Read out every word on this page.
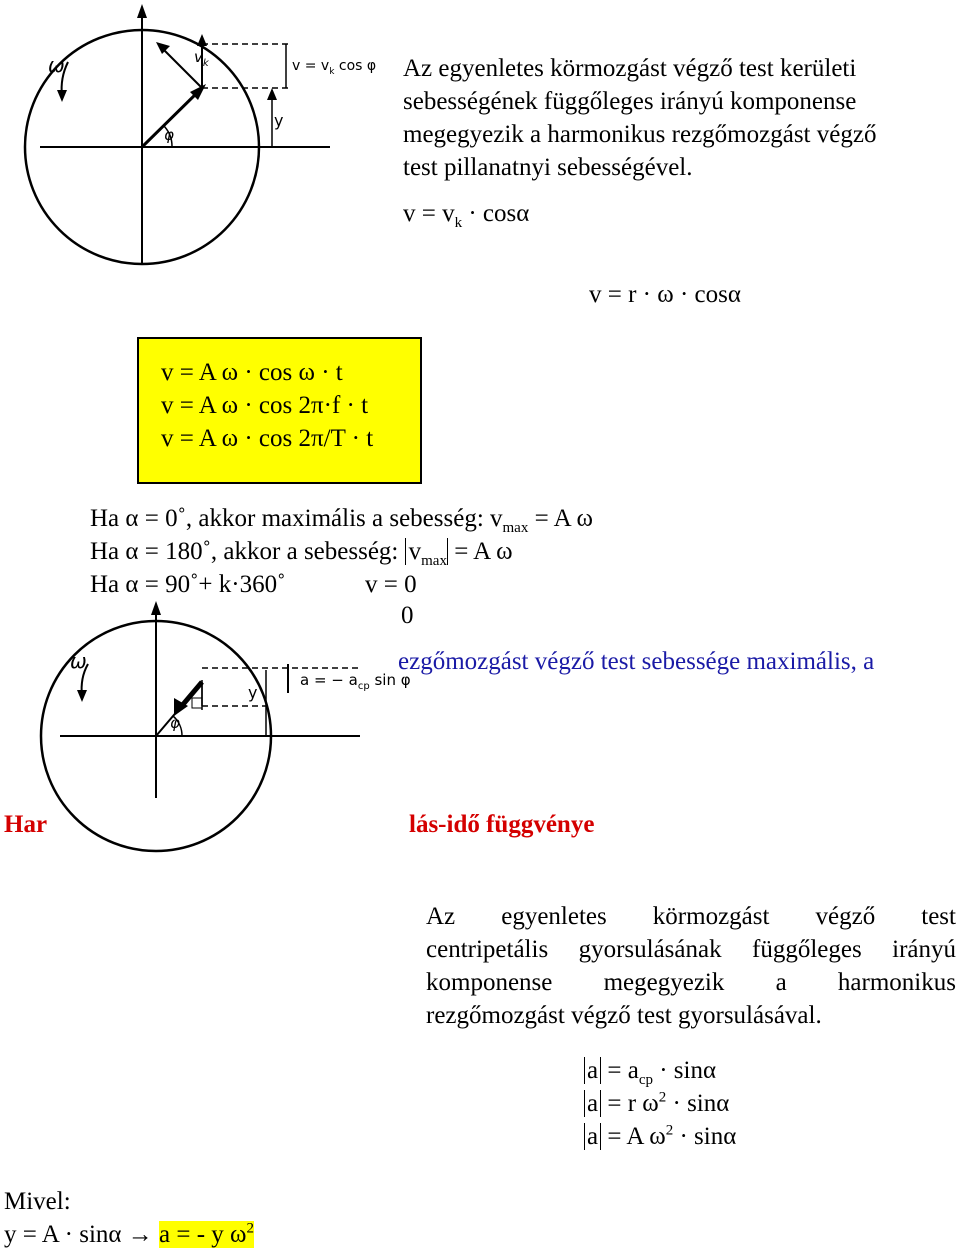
ω	$v_k$	$v = v_k$ cos φ
y
φ
Az egyenletes körmozgást végző test kerületi
sebességének függőleges irányú komponense
megegyezik a harmonikus rezgőmozgást végző
test pillanatnyi sebességével.
$v = v_k \cdot \cos\alpha$
v = r · ω · cosα
v = A ω · cos ω · t
v = A ω · cos 2π·f · t
v = A ω · cos 2π/T · t
Ha α = 0˚, akkor maximális a sebesség: $v_{max} = A$ ω
Ha α = 180˚, akkor a sebesség: $v_{max} = A$ ω
Ha α = 90˚+ k·360˚	v = 0
0
ω
y
φ
a = − $a_{cp}$ sin φ
ezgőmozgást végző test sebessége maximális, a
Har	lás-idő függvénye
Az egyenletes körmozgást végző test
centripetális gyorsulásának függőleges irányú
komponense megegyezik a harmonikus
rezgőmozgást végző test gyorsulásával.
$a = a_{cp} \cdot \sin\alpha$
a = r $\omega^2 \cdot \sin\alpha$
a = A $\omega^2 \cdot \sin\alpha$
Mivel:
y = A · sinα → a = - y $\omega^2$
